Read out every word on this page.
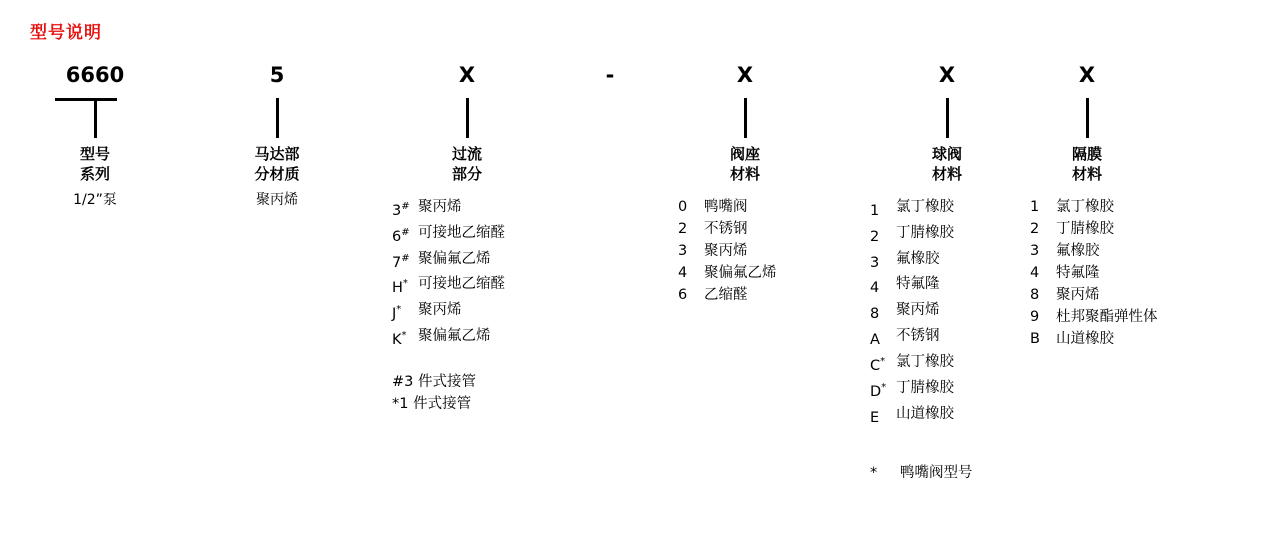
型号说明
6660
型号
系列
1/2”泵
5
马达部
分材质
聚丙烯
X
过流
部分
3# 聚丙烯
6# 可接地乙缩醛
7# 聚偏氟乙烯
H* 可接地乙缩醛
J*	聚丙烯
K* 聚偏氟乙烯
#3 件式接管
*1 件式接管
-	X
阀座
材料
0	鸭嘴阀
2	不锈钢
3	聚丙烯
4	聚偏氟乙烯
6	乙缩醛
X
球阀
材料
1	氯丁橡胶
2	丁腈橡胶
3	氟橡胶
4	特氟隆
8	聚丙烯
A	不锈钢
C* 氯丁橡胶
D* 丁腈橡胶
E	山道橡胶
* 鸭嘴阀型号
X
隔膜
材料
1	氯丁橡胶
2	丁腈橡胶
3	氟橡胶
4	特氟隆
8	聚丙烯
9	杜邦聚酯弹性体
B	山道橡胶
